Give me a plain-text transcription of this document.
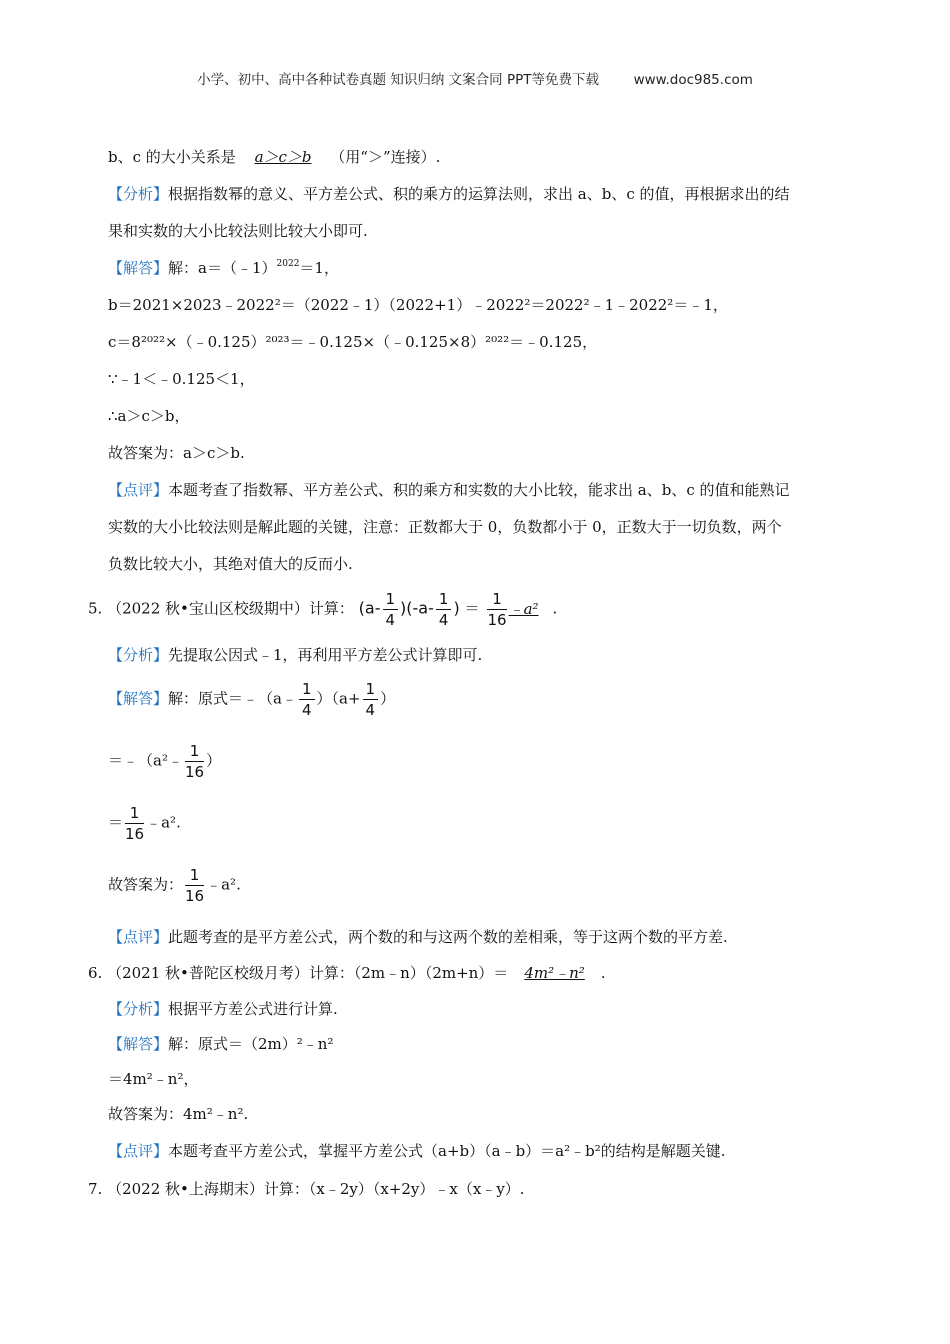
小学、初中、高中各种试卷真题 知识归纳 文案合同 PPT等免费下载	www.doc985.com
b、c 的大小关系是 a＞c＞b （用“＞”连接）.
【分析】根据指数幂的意义、平方差公式、积的乘方的运算法则，求出 a、b、c 的值，再根据求出的结
果和实数的大小比较法则比较大小即可.
【解答】解：a＝（﹣1）$^{2022}$＝1，
b＝2021×2023﹣2022²＝（2022﹣1）（2022+1）﹣2022²＝2022²﹣1﹣2022²＝﹣1，
c＝8²⁰²²×（﹣0.125）²⁰²³＝﹣0.125×（﹣0.125×8）²⁰²²＝﹣0.125，
∵﹣1＜﹣0.125＜1，
∴a＞c＞b，
故答案为：a＞c＞b.
【点评】本题考查了指数幂、平方差公式、积的乘方和实数的大小比较，能求出 a、b、c 的值和能熟记
实数的大小比较法则是解此题的关键，注意：正数都大于 0，负数都小于 0，正数大于一切负数，两个
负数比较大小，其绝对值大的反而小.
5. （2022 秋•宝山区校级期中）计算： $(a- \frac{1}{4} )(-a- \frac{1}{4}$ ) ＝ $\frac{1}{16}$ ﹣a² .
【分析】先提取公因式﹣1，再利用平方差公式计算即可.
【解答】解：原式＝﹣（a﹣ $\frac{1}{4} )(a+ \frac{1}{4}$ ）
＝﹣（a²﹣ $\frac{1}{16}$ ）
＝ $\frac{1}{16}$ ﹣a².
故答案为： $\frac{1}{16}$ ﹣a².
【点评】此题考查的是平方差公式，两个数的和与这两个数的差相乘，等于这两个数的平方差.
6. （2021 秋•普陀区校级月考）计算：（2m﹣n）（2m+n）＝ 4m²﹣n² .
【分析】根据平方差公式进行计算.
【解答】解：原式＝（2m）²﹣n²
＝4m²﹣n²，
故答案为：4m²﹣n².
【点评】本题考查平方差公式，掌握平方差公式（a+b）（a﹣b）＝a²﹣b²的结构是解题关键.
7. （2022 秋•上海期末）计算：（x﹣2y）（x+2y）﹣x（x﹣y）.
